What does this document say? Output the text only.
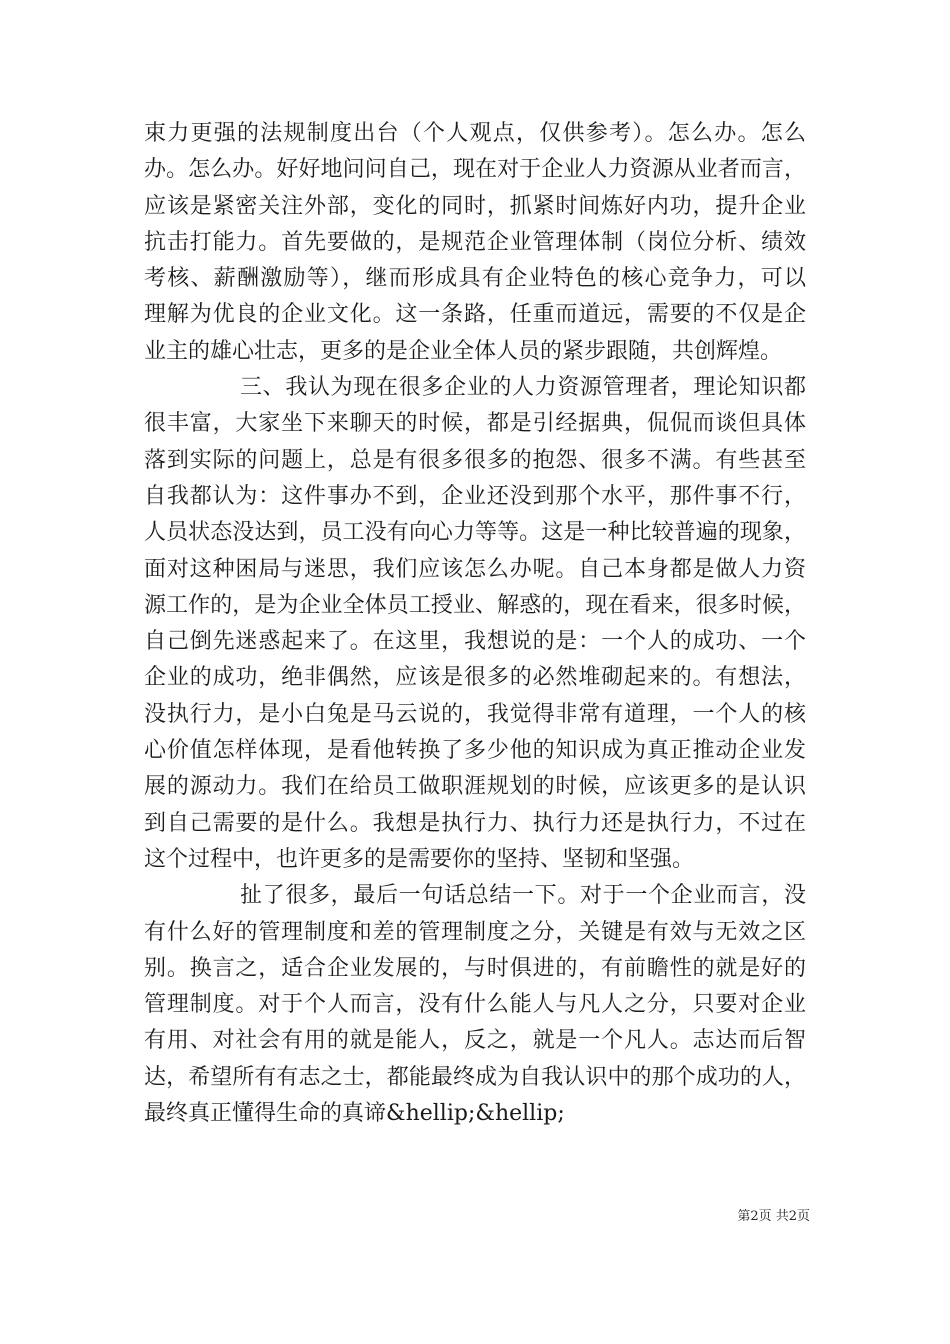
束力更强的法规制度出台（个人观点，仅供参考）。怎么办。怎么
办。怎么办。好好地问问自己，现在对于企业人力资源从业者而言，
应该是紧密关注外部，变化的同时，抓紧时间炼好内功，提升企业
抗击打能力。首先要做的，是规范企业管理体制（岗位分析、绩效
考核、薪酬激励等），继而形成具有企业特色的核心竞争力，可以
理解为优良的企业文化。这一条路，任重而道远，需要的不仅是企
业主的雄心壮志，更多的是企业全体人员的紧步跟随，共创辉煌。
三、我认为现在很多企业的人力资源管理者，理论知识都
很丰富，大家坐下来聊天的时候，都是引经据典，侃侃而谈但具体
落到实际的问题上，总是有很多很多的抱怨、很多不满。有些甚至
自我都认为：这件事办不到，企业还没到那个水平，那件事不行，
人员状态没达到，员工没有向心力等等。这是一种比较普遍的现象，
面对这种困局与迷思，我们应该怎么办呢。自己本身都是做人力资
源工作的，是为企业全体员工授业、解惑的，现在看来，很多时候，
自己倒先迷惑起来了。在这里，我想说的是：一个人的成功、一个
企业的成功，绝非偶然，应该是很多的必然堆砌起来的。有想法，
没执行力，是小白兔是马云说的，我觉得非常有道理，一个人的核
心价值怎样体现，是看他转换了多少他的知识成为真正推动企业发
展的源动力。我们在给员工做职涯规划的时候，应该更多的是认识
到自己需要的是什么。我想是执行力、执行力还是执行力，不过在
这个过程中，也许更多的是需要你的坚持、坚韧和坚强。
扯了很多，最后一句话总结一下。对于一个企业而言，没
有什么好的管理制度和差的管理制度之分，关键是有效与无效之区
别。换言之，适合企业发展的，与时俱进的，有前瞻性的就是好的
管理制度。对于个人而言，没有什么能人与凡人之分，只要对企业
有用、对社会有用的就是能人，反之，就是一个凡人。志达而后智
达，希望所有有志之士，都能最终成为自我认识中的那个成功的人，
最终真正懂得生命的真谛&hellip;&hellip;
第2页 共2页
